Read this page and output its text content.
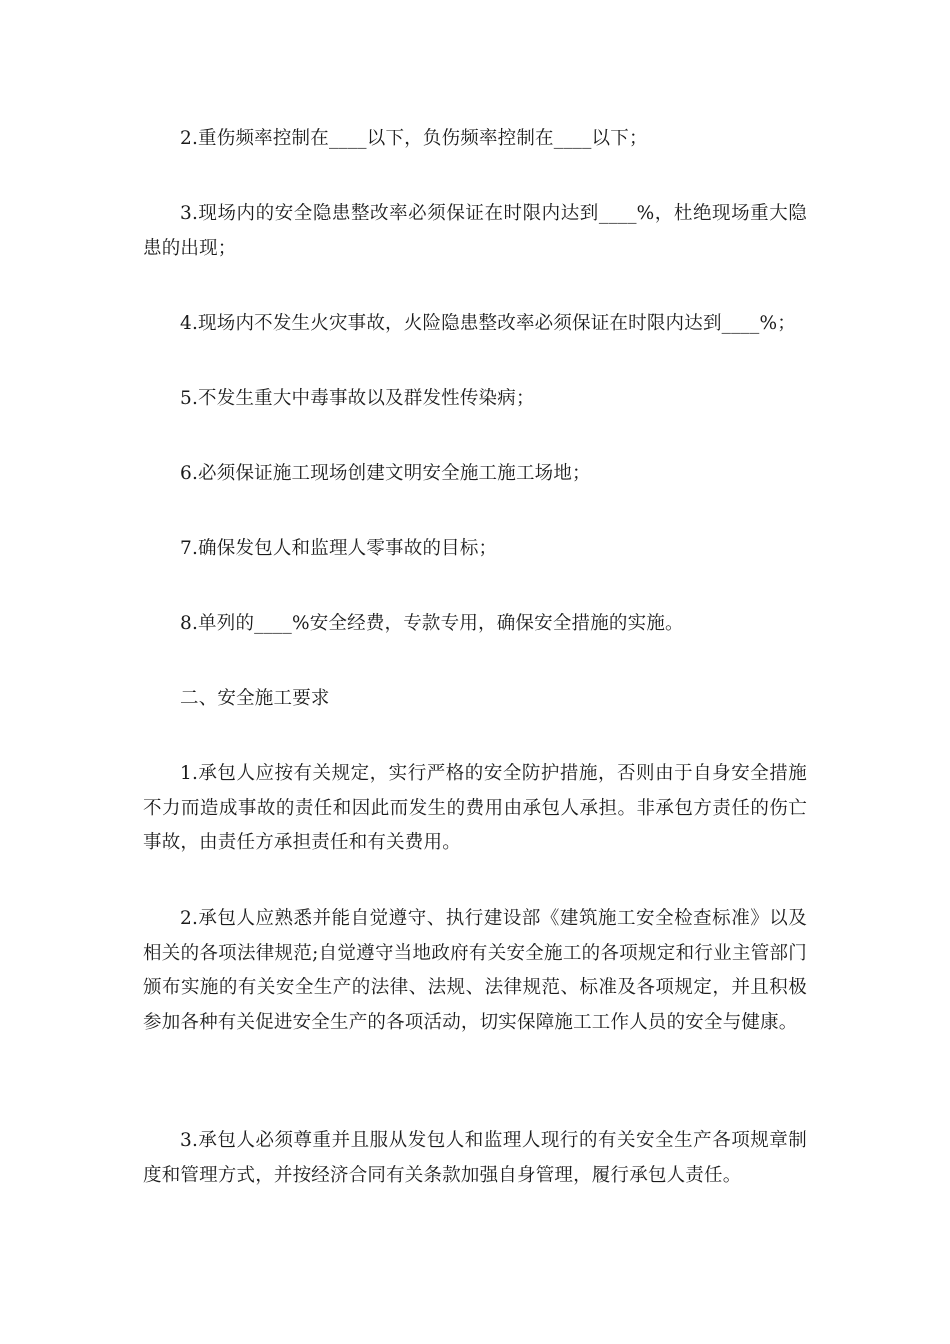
2.重伤频率控制在____以下，负伤频率控制在____以下；

3.现场内的安全隐患整改率必须保证在时限内达到____%，杜绝现场重大隐患的出现；

4.现场内不发生火灾事故，火险隐患整改率必须保证在时限内达到____%；

5.不发生重大中毒事故以及群发性传染病；

6.必须保证施工现场创建文明安全施工施工场地；

7.确保发包人和监理人零事故的目标；

8.单列的____%安全经费，专款专用，确保安全措施的实施。

二、安全施工要求

1.承包人应按有关规定，实行严格的安全防护措施，否则由于自身安全措施不力而造成事故的责任和因此而发生的费用由承包人承担。非承包方责任的伤亡事故，由责任方承担责任和有关费用。

2.承包人应熟悉并能自觉遵守、执行建设部《建筑施工安全检查标准》以及相关的各项法律规范;自觉遵守当地政府有关安全施工的各项规定和行业主管部门颁布实施的有关安全生产的法律、法规、法律规范、标准及各项规定，并且积极参加各种有关促进安全生产的各项活动，切实保障施工工作人员的安全与健康。

3.承包人必须尊重并且服从发包人和监理人现行的有关安全生产各项规章制度和管理方式，并按经济合同有关条款加强自身管理，履行承包人责任。
